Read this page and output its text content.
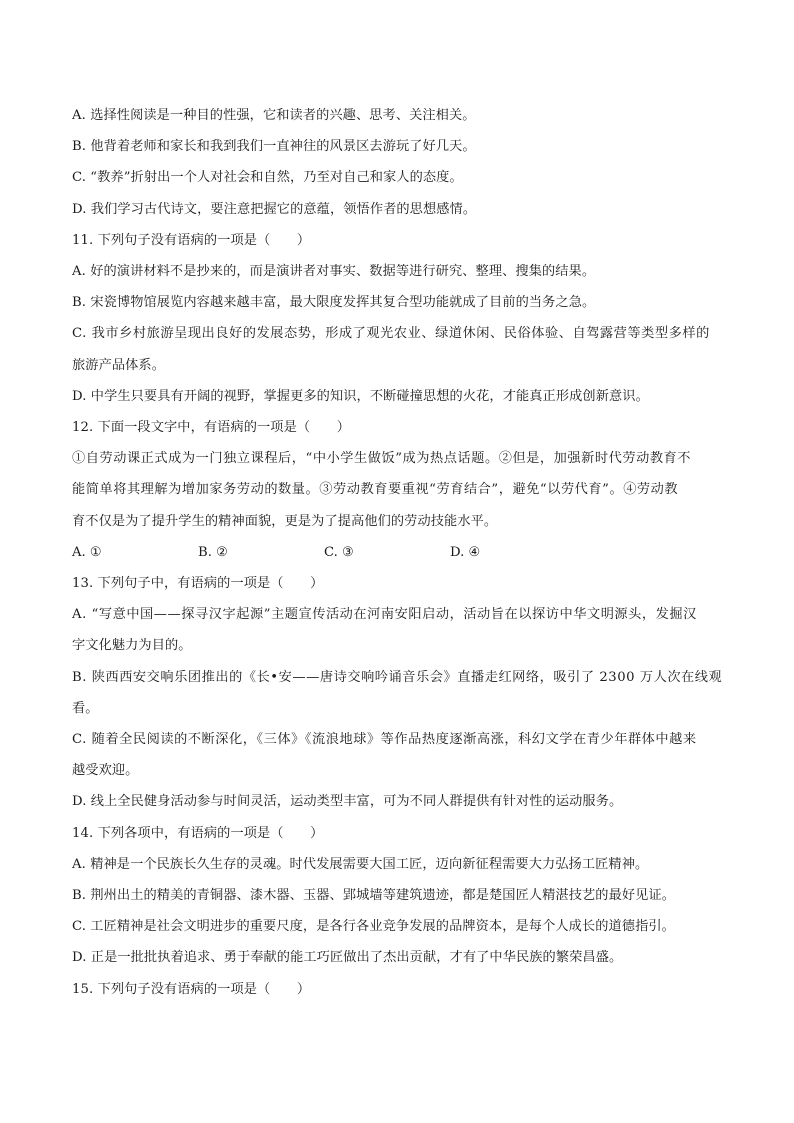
A. 选择性阅读是一种目的性强，它和读者的兴趣、思考、关注相关。
B. 他背着老师和家长和我到我们一直神往的风景区去游玩了好几天。
C. “教养”折射出一个人对社会和自然，乃至对自己和家人的态度。
D. 我们学习古代诗文，要注意把握它的意蕴，领悟作者的思想感情。
11. 下列句子没有语病的一项是（　　）
A. 好的演讲材料不是抄来的，而是演讲者对事实、数据等进行研究、整理、搜集的结果。
B. 宋瓷博物馆展览内容越来越丰富，最大限度发挥其复合型功能就成了目前的当务之急。
C. 我市乡村旅游呈现出良好的发展态势，形成了观光农业、绿道休闲、民俗体验、自驾露营等类型多样的
旅游产品体系。
D. 中学生只要具有开阔的视野，掌握更多的知识，不断碰撞思想的火花，才能真正形成创新意识。
12. 下面一段文字中，有语病的一项是（　　）
①自劳动课正式成为一门独立课程后，“中小学生做饭”成为热点话题。②但是，加强新时代劳动教育不
能简单将其理解为增加家务劳动的数量。③劳动教育要重视“劳育结合”，避免“以劳代育”。④劳动教
育不仅是为了提升学生的精神面貌，更是为了提高他们的劳动技能水平。
A. ①	B. ②	C. ③	D. ④
13. 下列句子中，有语病的一项是（　　）
A. “写意中国——探寻汉字起源”主题宣传活动在河南安阳启动，活动旨在以探访中华文明源头，发掘汉
字文化魅力为目的。
B. 陕西西安交响乐团推出的《长•安——唐诗交响吟诵音乐会》直播走红网络，吸引了 2300 万人次在线观
看。
C. 随着全民阅读的不断深化，《三体》《流浪地球》等作品热度逐渐高涨，科幻文学在青少年群体中越来
越受欢迎。
D. 线上全民健身活动参与时间灵活，运动类型丰富，可为不同人群提供有针对性的运动服务。
14. 下列各项中，有语病的一项是（　　）
A. 精神是一个民族长久生存的灵魂。时代发展需要大国工匠，迈向新征程需要大力弘扬工匠精神。
B. 荆州出土的精美的青铜器、漆木器、玉器、郢城墙等建筑遗迹，都是楚国匠人精湛技艺的最好见证。
C. 工匠精神是社会文明进步的重要尺度，是各行各业竞争发展的品牌资本，是每个人成长的道德指引。
D. 正是一批批执着追求、勇于奉献的能工巧匠做出了杰出贡献，才有了中华民族的繁荣昌盛。
15. 下列句子没有语病的一项是（　　）
